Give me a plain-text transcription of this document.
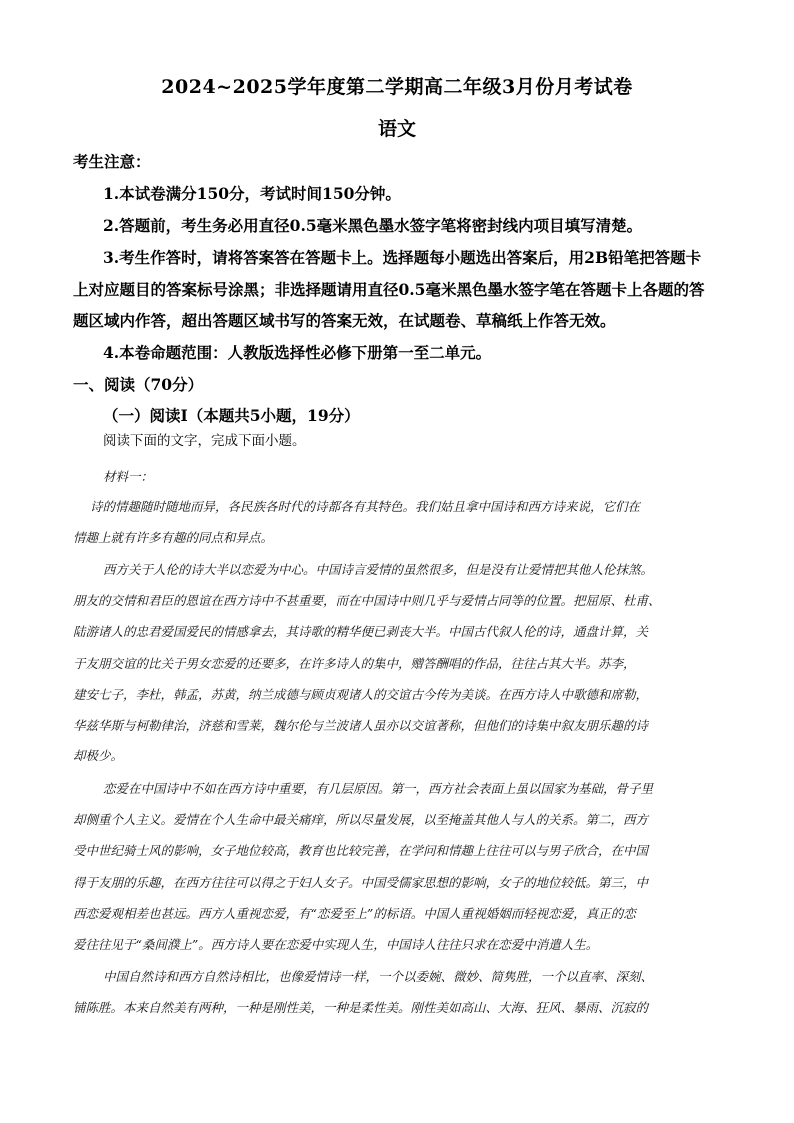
2024~2025学年度第二学期高二年级3月份月考试卷
语文
考生注意：
1.本试卷满分150分，考试时间150分钟。
2.答题前，考生务必用直径0.5毫米黑色墨水签字笔将密封线内项目填写清楚。
3.考生作答时，请将答案答在答题卡上。选择题每小题选出答案后，用2B铅笔把答题卡
上对应题目的答案标号涂黑；非选择题请用直径0.5毫米黑色墨水签字笔在答题卡上各题的答
题区域内作答，超出答题区域书写的答案无效，在试题卷、草稿纸上作答无效。
4.本卷命题范围：人教版选择性必修下册第一至二单元。
一、阅读（70分）
（一）阅读Ⅰ（本题共5小题，19分）
阅读下面的文字，完成下面小题。
材料一：
诗的情趣随时随地而异，各民族各时代的诗都各有其特色。我们姑且拿中国诗和西方诗来说，它们在
情趣上就有许多有趣的同点和异点。
西方关于人伦的诗大半以恋爱为中心。中国诗言爱情的虽然很多，但是没有让爱情把其他人伦抹煞。
朋友的交情和君臣的恩谊在西方诗中不甚重要，而在中国诗中则几乎与爱情占同等的位置。把屈原、杜甫、
陆游诸人的忠君爱国爱民的情感拿去，其诗歌的精华便已剥丧大半。中国古代叙人伦的诗，通盘计算，关
于友朋交谊的比关于男女恋爱的还要多，在许多诗人的集中，赠答酬唱的作品，往往占其大半。苏李，
建安七子，李杜，韩孟，苏黄，纳兰成德与顾贞观诸人的交谊古今传为美谈。在西方诗人中歌德和席勒，
华兹华斯与柯勒律治，济慈和雪莱，魏尔伦与兰波诸人虽亦以交谊著称，但他们的诗集中叙友朋乐趣的诗
却极少。
恋爱在中国诗中不如在西方诗中重要，有几层原因。第一，西方社会表面上虽以国家为基础，骨子里
却侧重个人主义。爱情在个人生命中最关痛痒，所以尽量发展，以至掩盖其他人与人的关系。第二，西方
受中世纪骑士风的影响，女子地位较高，教育也比较完善，在学问和情趣上往往可以与男子欣合，在中国
得于友朋的乐趣，在西方往往可以得之于妇人女子。中国受儒家思想的影响，女子的地位较低。第三，中
西恋爱观相差也甚远。西方人重视恋爱，有“恋爱至上”的标语。中国人重视婚姻而轻视恋爱，真正的恋
爱往往见于“桑间濮上”。西方诗人要在恋爱中实现人生，中国诗人往往只求在恋爱中消遣人生。
中国自然诗和西方自然诗相比，也像爱情诗一样，一个以委婉、微妙、简隽胜，一个以直率、深刻、
铺陈胜。本来自然美有两种，一种是刚性美，一种是柔性美。刚性美如高山、大海、狂风、暴雨、沉寂的
